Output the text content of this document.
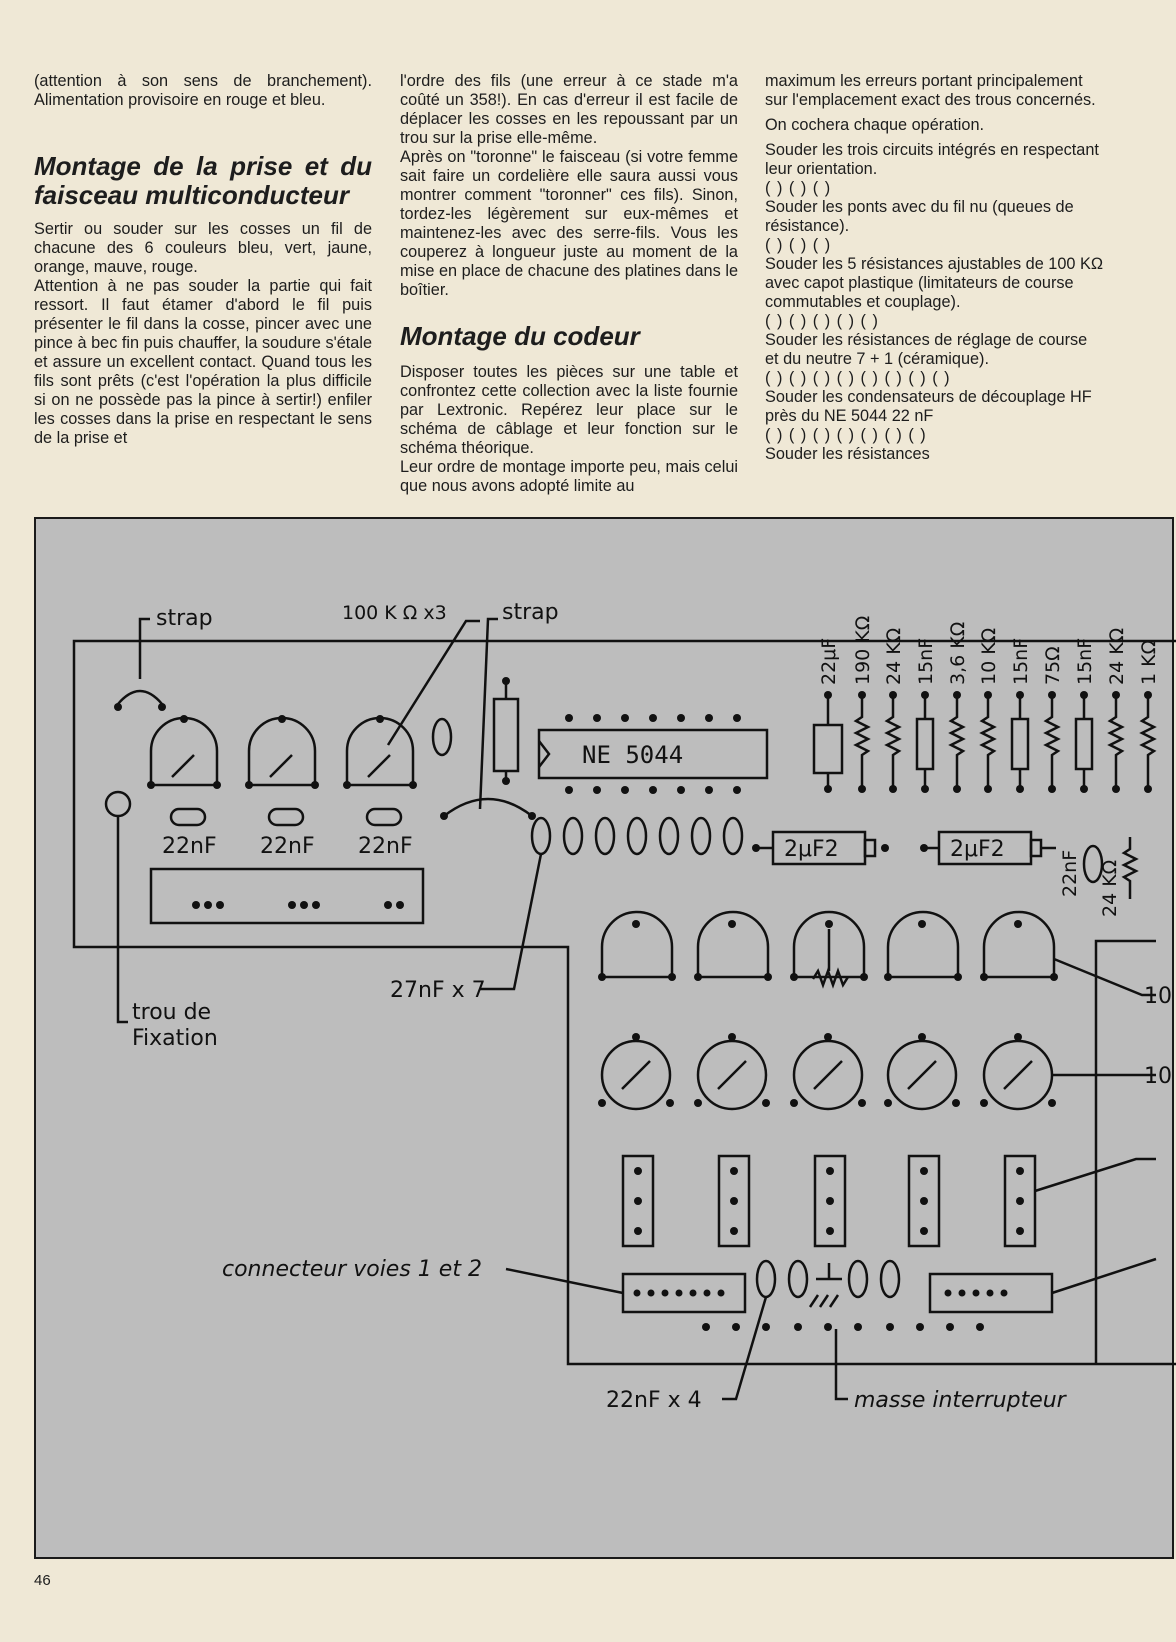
(attention à son sens de branchement). Alimentation provisoire en rouge et bleu.

Montage de la prise et du faisceau multiconducteur

Sertir ou souder sur les cosses un fil de chacune des 6 couleurs bleu, vert, jaune, orange, mauve, rouge.

Attention à ne pas souder la partie qui fait ressort. Il faut étamer d'abord le fil puis présenter le fil dans la cosse, pincer avec une pince à bec fin puis chauffer, la soudure s'étale et assure un excellent contact. Quand tous les fils sont prêts (c'est l'opération la plus difficile si on ne possède pas la pince à sertir!) enfiler les cosses dans la prise en respectant le sens de la prise et

l'ordre des fils (une erreur à ce stade m'a coûté un 358!). En cas d'erreur il est facile de déplacer les cosses en les repoussant par un trou sur la prise elle-même.

Après on "toronne" le faisceau (si votre femme sait faire un cordelière elle saura aussi vous montrer comment "toronner" ces fils). Sinon, tordez-les légèrement sur eux-mêmes et maintenez-les avec des serre-fils. Vous les couperez à longueur juste au moment de la mise en place de chacune des platines dans le boîtier.

Montage du codeur

Disposer toutes les pièces sur une table et confrontez cette collection avec la liste fournie par Lextronic. Repérez leur place sur le schéma de câblage et leur fonction sur le schéma théorique.

Leur ordre de montage importe peu, mais celui que nous avons adopté limite au

maximum les erreurs portant principalement sur l'emplacement exact des trous concernés.

On cochera chaque opération.

Souder les trois circuits intégrés en respectant leur orientation.

( ) ( ) ( )

Souder les ponts avec du fil nu (queues de résistance).

( ) ( ) ( )

Souder les 5 résistances ajustables de 100 KΩ avec capot plastique (limitateurs de course commutables et couplage).

( ) ( ) ( ) ( ) ( )

Souder les résistances de réglage de course et du neutre 7 + 1 (céramique).

( ) ( ) ( ) ( ) ( ) ( ) ( ) ( )

Souder les condensateurs de découplage HF près du NE 5044 22 nF

( ) ( ) ( ) ( ) ( ) ( ) ( )

Souder les résistances

strap	100 K Ω x3	strap
NE 5044
22nF 22nF 22nF
27nF x 7
trou de
Fixation
2μF2	2μF2
22nF 24 KΩ
22μF 190 KΩ 24 KΩ 15nF 3,6 KΩ 10 KΩ 15nF 75Ω 15nF 24 KΩ 1 KΩ
10
10
connecteur voies 1 et 2
22nF x 4	masse interrupteur
46
